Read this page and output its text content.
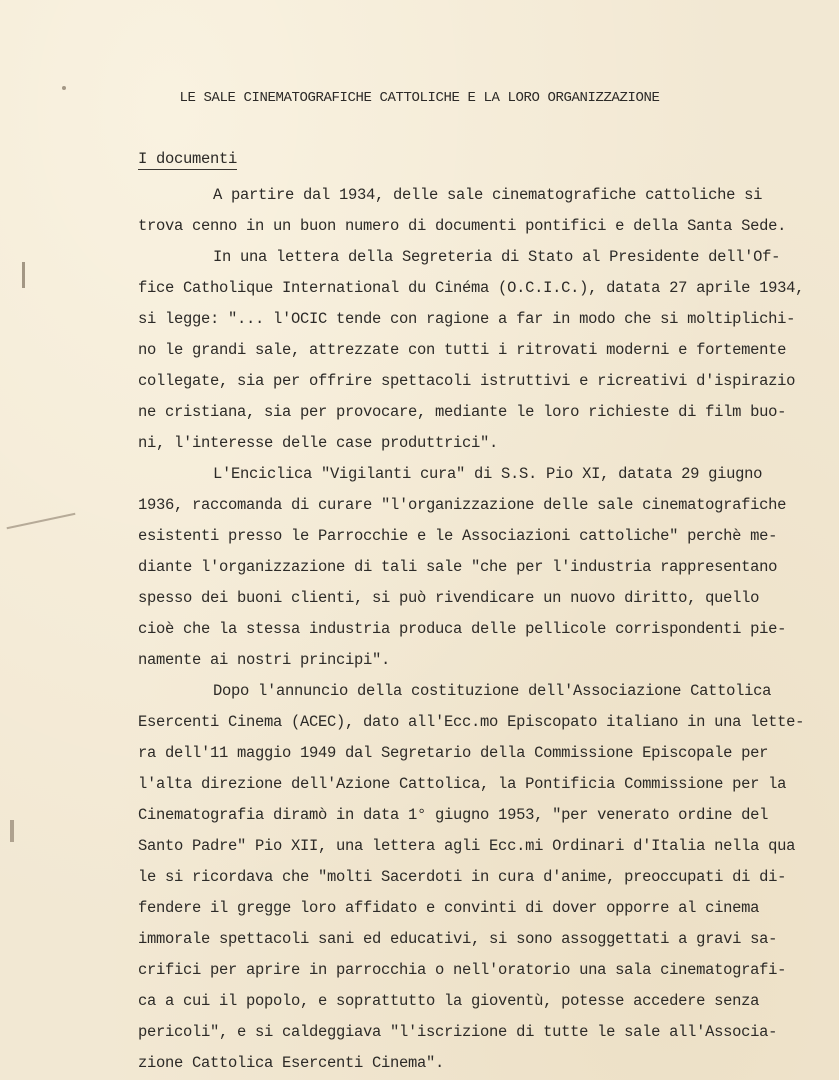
LE SALE CINEMATOGRAFICHE CATTOLICHE E LA LORO ORGANIZZAZIONE
I documenti
A partire dal 1934, delle sale cinematografiche cattoliche si
trova cenno in un buon numero di documenti pontifici e della Santa Sede.
In una lettera della Segreteria di Stato al Presidente dell'Of-
fice Catholique International du Cinéma (O.C.I.C.), datata 27 aprile 1934,
si legge: "... l'OCIC tende con ragione a far in modo che si moltiplichi-
no le grandi sale, attrezzate con tutti i ritrovati moderni e fortemente
collegate, sia per offrire spettacoli istruttivi e ricreativi d'ispirazio
ne cristiana, sia per provocare, mediante le loro richieste di film buo-
ni, l'interesse delle case produttrici".
L'Enciclica "Vigilanti cura" di S.S. Pio XI, datata 29 giugno
1936, raccomanda di curare "l'organizzazione delle sale cinematografiche
esistenti presso le Parrocchie e le Associazioni cattoliche" perchè me-
diante l'organizzazione di tali sale "che per l'industria rappresentano
spesso dei buoni clienti, si può rivendicare un nuovo diritto, quello
cioè che la stessa industria produca delle pellicole corrispondenti pie-
namente ai nostri principi".
Dopo l'annuncio della costituzione dell'Associazione Cattolica
Esercenti Cinema (ACEC), dato all'Ecc.mo Episcopato italiano in una lette-
ra dell'11 maggio 1949 dal Segretario della Commissione Episcopale per
l'alta direzione dell'Azione Cattolica, la Pontificia Commissione per la
Cinematografia diramò in data 1° giugno 1953, "per venerato ordine del
Santo Padre" Pio XII, una lettera agli Ecc.mi Ordinari d'Italia nella qua
le si ricordava che "molti Sacerdoti in cura d'anime, preoccupati di di-
fendere il gregge loro affidato e convinti di dover opporre al cinema
immorale spettacoli sani ed educativi, si sono assoggettati a gravi sa-
crifici per aprire in parrocchia o nell'oratorio una sala cinematografi-
ca a cui il popolo, e soprattutto la gioventù, potesse accedere senza
pericoli", e si caldeggiava "l'iscrizione di tutte le sale all'Associa-
zione Cattolica Esercenti Cinema".
